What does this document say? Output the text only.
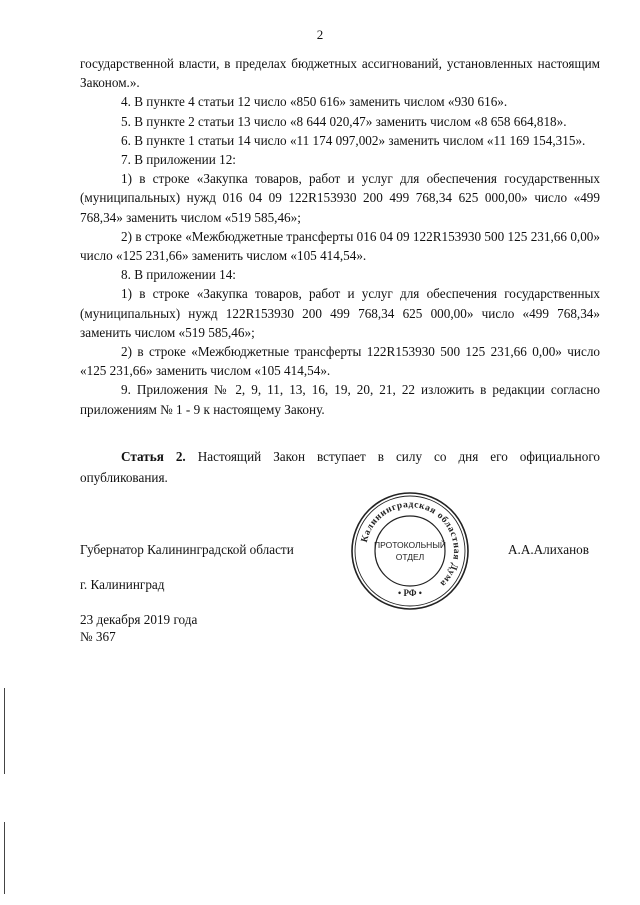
2

государственной власти, в пределах бюджетных ассигнований, установленных настоящим Законом.».

4. В пункте 4 статьи 12 число «850 616» заменить числом «930 616».

5. В пункте 2 статьи 13 число «8 644 020,47» заменить числом «8 658 664,818».

6. В пункте 1 статьи 14 число «11 174 097,002» заменить числом «11 169 154,315».

7. В приложении 12:

1) в строке «Закупка товаров, работ и услуг для обеспечения государственных (муниципальных) нужд 016 04 09 122R153930 200 499 768,34 625 000,00» число «499 768,34» заменить числом «519 585,46»;

2) в строке «Межбюджетные трансферты 016 04 09 122R153930 500 125 231,66 0,00» число «125 231,66» заменить числом «105 414,54».

8. В приложении 14:

1) в строке «Закупка товаров, работ и услуг для обеспечения государственных (муниципальных) нужд 122R153930 200 499 768,34 625 000,00» число «499 768,34» заменить числом «519 585,46»;

2) в строке «Межбюджетные трансферты 122R153930 500 125 231,66 0,00» число «125 231,66» заменить числом «105 414,54».

9. Приложения № 2, 9, 11, 13, 16, 19, 20, 21, 22 изложить в редакции согласно приложениям № 1 - 9 к настоящему Закону.

Статья 2. Настоящий Закон вступает в силу со дня его официального опубликования.
Губернатор Калининградской области	А.А.Алиханов
г. Калининград
23 декабря 2019 года
№ 367
Калининградская областная Дума
ПРОТОКОЛЬНЫЙ
ОТДЕЛ
• РФ •
